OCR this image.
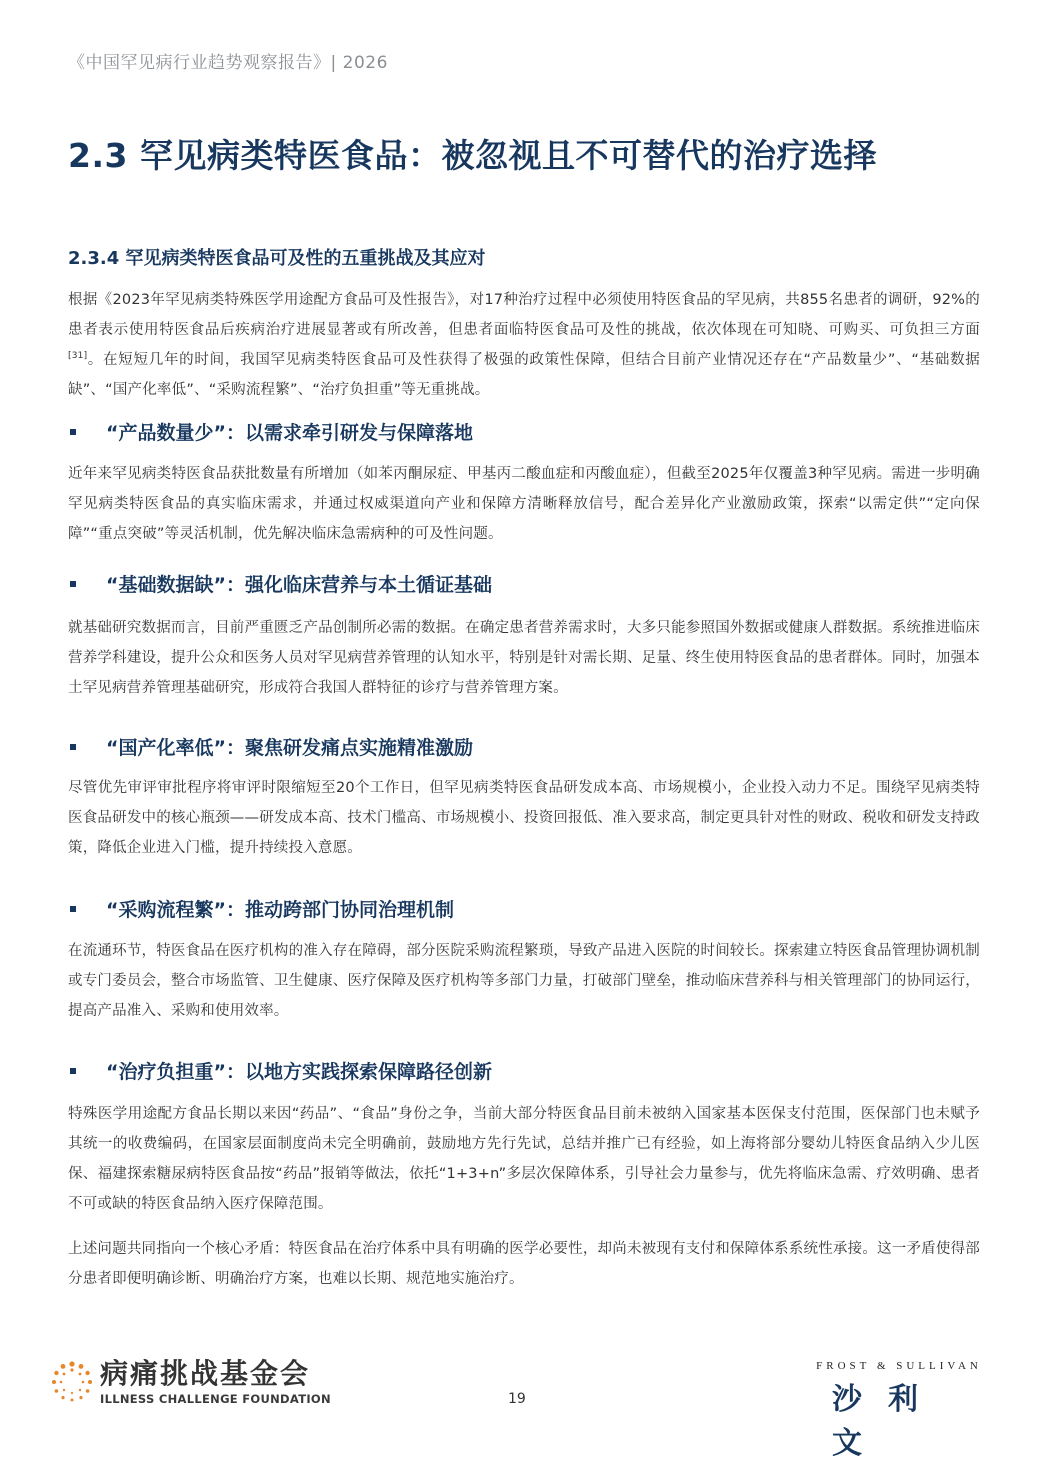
《中国罕见病行业趋势观察报告》| 2026
2.3 罕见病类特医食品：被忽视且不可替代的治疗选择
2.3.4 罕见病类特医食品可及性的五重挑战及其应对

根据《2023年罕见病类特殊医学用途配方食品可及性报告》，对17种治疗过程中必须使用特医食品的罕见病，共855名患者的调研，92%的患者表示使用特医食品后疾病治疗进展显著或有所改善，但患者面临特医食品可及性的挑战，依次体现在可知晓、可购买、可负担三方面[31]。在短短几年的时间，我国罕见病类特医食品可及性获得了极强的政策性保障，但结合目前产业情况还存在“产品数量少”、“基础数据缺”、“国产化率低”、“采购流程繁”、“治疗负担重”等无重挑战。

“产品数量少”：以需求牵引研发与保障落地

近年来罕见病类特医食品获批数量有所增加（如苯丙酮尿症、甲基丙二酸血症和丙酸血症），但截至2025年仅覆盖3种罕见病。需进一步明确罕见病类特医食品的真实临床需求，并通过权威渠道向产业和保障方清晰释放信号，配合差异化产业激励政策，探索“以需定供”“定向保障”“重点突破”等灵活机制，优先解决临床急需病种的可及性问题。

“基础数据缺”：强化临床营养与本土循证基础

就基础研究数据而言，目前严重匮乏产品创制所必需的数据。在确定患者营养需求时，大多只能参照国外数据或健康人群数据。系统推进临床营养学科建设，提升公众和医务人员对罕见病营养管理的认知水平，特别是针对需长期、足量、终生使用特医食品的患者群体。同时，加强本土罕见病营养管理基础研究，形成符合我国人群特征的诊疗与营养管理方案。

“国产化率低”：聚焦研发痛点实施精准激励

尽管优先审评审批程序将审评时限缩短至20个工作日，但罕见病类特医食品研发成本高、市场规模小，企业投入动力不足。围绕罕见病类特医食品研发中的核心瓶颈——研发成本高、技术门槛高、市场规模小、投资回报低、准入要求高，制定更具针对性的财政、税收和研发支持政策，降低企业进入门槛，提升持续投入意愿。

“采购流程繁”：推动跨部门协同治理机制

在流通环节，特医食品在医疗机构的准入存在障碍，部分医院采购流程繁琐，导致产品进入医院的时间较长。探索建立特医食品管理协调机制或专门委员会，整合市场监管、卫生健康、医疗保障及医疗机构等多部门力量，打破部门壁垒，推动临床营养科与相关管理部门的协同运行，提高产品准入、采购和使用效率。

“治疗负担重”：以地方实践探索保障路径创新

特殊医学用途配方食品长期以来因“药品”、“食品”身份之争，当前大部分特医食品目前未被纳入国家基本医保支付范围，医保部门也未赋予其统一的收费编码，在国家层面制度尚未完全明确前，鼓励地方先行先试，总结并推广已有经验，如上海将部分婴幼儿特医食品纳入少儿医保、福建探索糖尿病特医食品按“药品”报销等做法，依托“1+3+n”多层次保障体系，引导社会力量参与，优先将临床急需、疗效明确、患者不可或缺的特医食品纳入医疗保障范围。

上述问题共同指向一个核心矛盾：特医食品在治疗体系中具有明确的医学必要性，却尚未被现有支付和保障体系系统性承接。这一矛盾使得部分患者即便明确诊断、明确治疗方案，也难以长期、规范地实施治疗。

病痛挑战基金会
ILLNESS CHALLENGE FOUNDATION	19
FROST & SULLIVAN
沙利文
